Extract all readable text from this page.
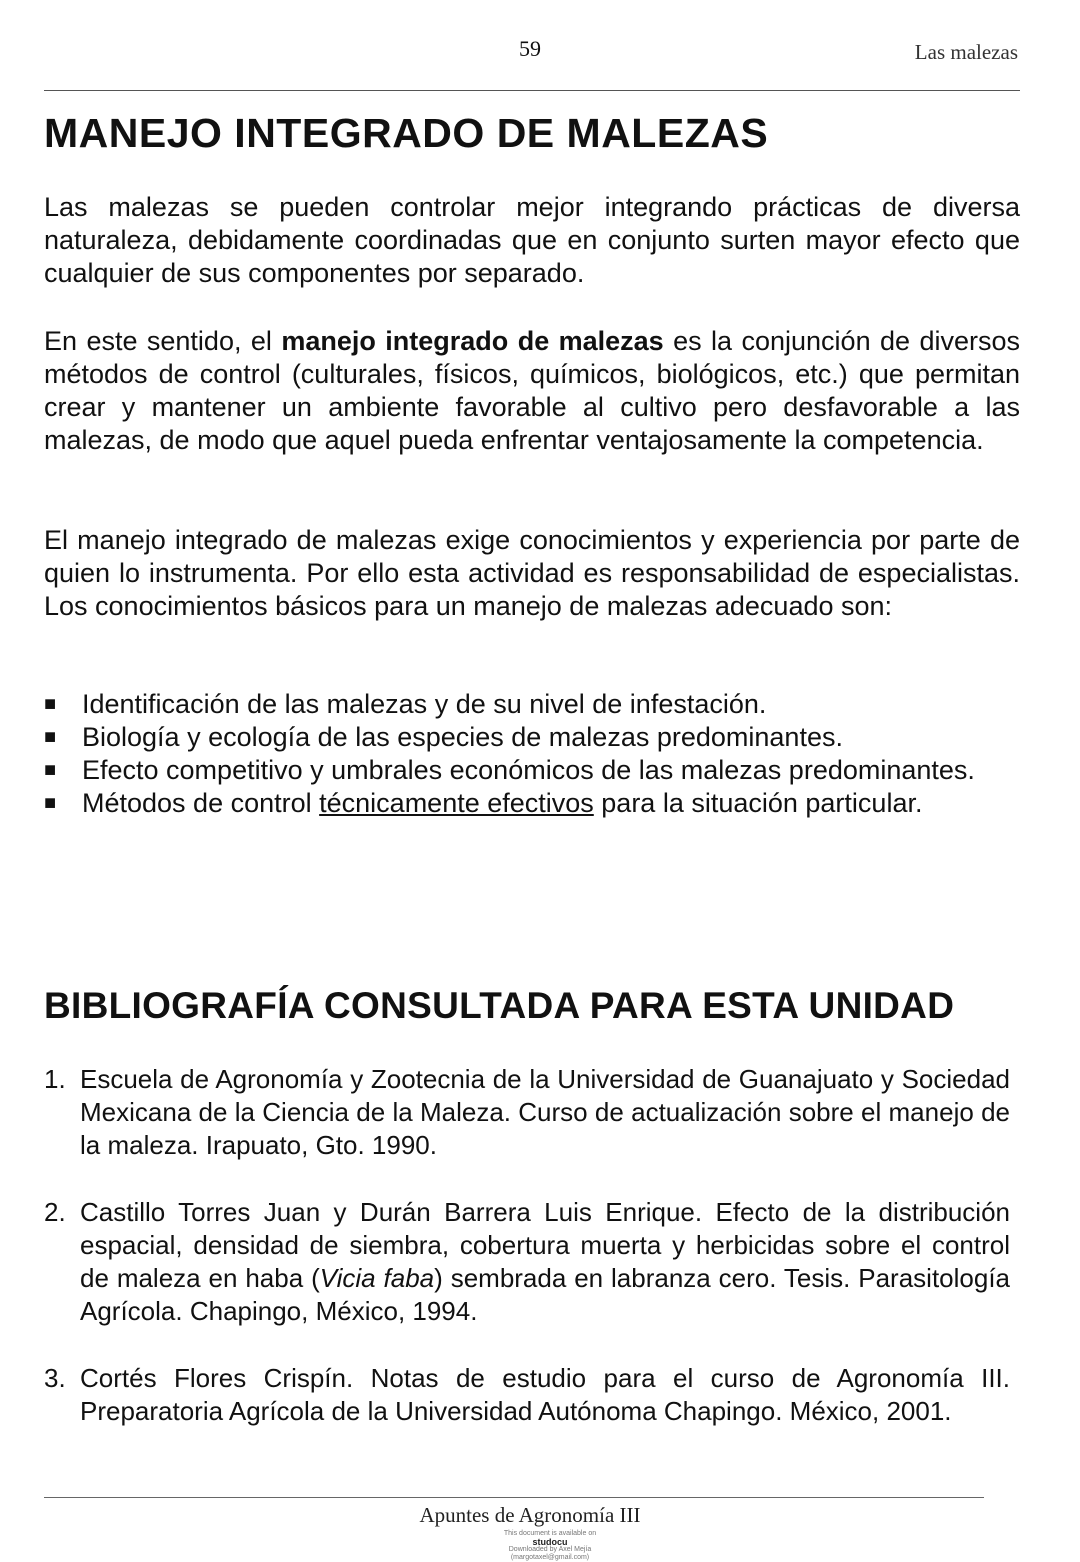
59	Las malezas
MANEJO INTEGRADO DE MALEZAS

Las malezas se pueden controlar mejor integrando prácticas de diversa naturaleza, debidamente coordinadas que en conjunto surten mayor efecto que cualquier de sus componentes por separado.

En este sentido, el manejo integrado de malezas es la conjunción de diversos métodos de control (culturales, físicos, químicos, biológicos, etc.) que permitan crear y mantener un ambiente favorable al cultivo pero desfavorable a las malezas, de modo que aquel pueda enfrentar ventajosamente la competencia.

El manejo integrado de malezas exige conocimientos y experiencia por parte de quien lo instrumenta. Por ello esta actividad es responsabilidad de especialistas. Los conocimientos básicos para un manejo de malezas adecuado son:

■ Identificación de las malezas y de su nivel de infestación.
■ Biología y ecología de las especies de malezas predominantes.
■ Efecto competitivo y umbrales económicos de las malezas predominantes.
■ Métodos de control técnicamente efectivos para la situación particular.
BIBLIOGRAFÍA CONSULTADA PARA ESTA UNIDAD
1. Escuela de Agronomía y Zootecnia de la Universidad de Guanajuato y Sociedad Mexicana de la Ciencia de la Maleza. Curso de actualización sobre el manejo de la maleza. Irapuato, Gto. 1990.
2. Castillo Torres Juan y Durán Barrera Luis Enrique. Efecto de la distribución espacial, densidad de siembra, cobertura muerta y herbicidas sobre el control de maleza en haba (Vicia faba) sembrada en labranza cero. Tesis. Parasitología Agrícola. Chapingo, México, 1994.
3. Cortés Flores Crispín. Notas de estudio para el curso de Agronomía III. Preparatoria Agrícola de la Universidad Autónoma Chapingo. México, 2001.
Apuntes de Agronomía III
This document is available on
studocu
Downloaded by Axel Mejía (margotaxel@gmail.com)
